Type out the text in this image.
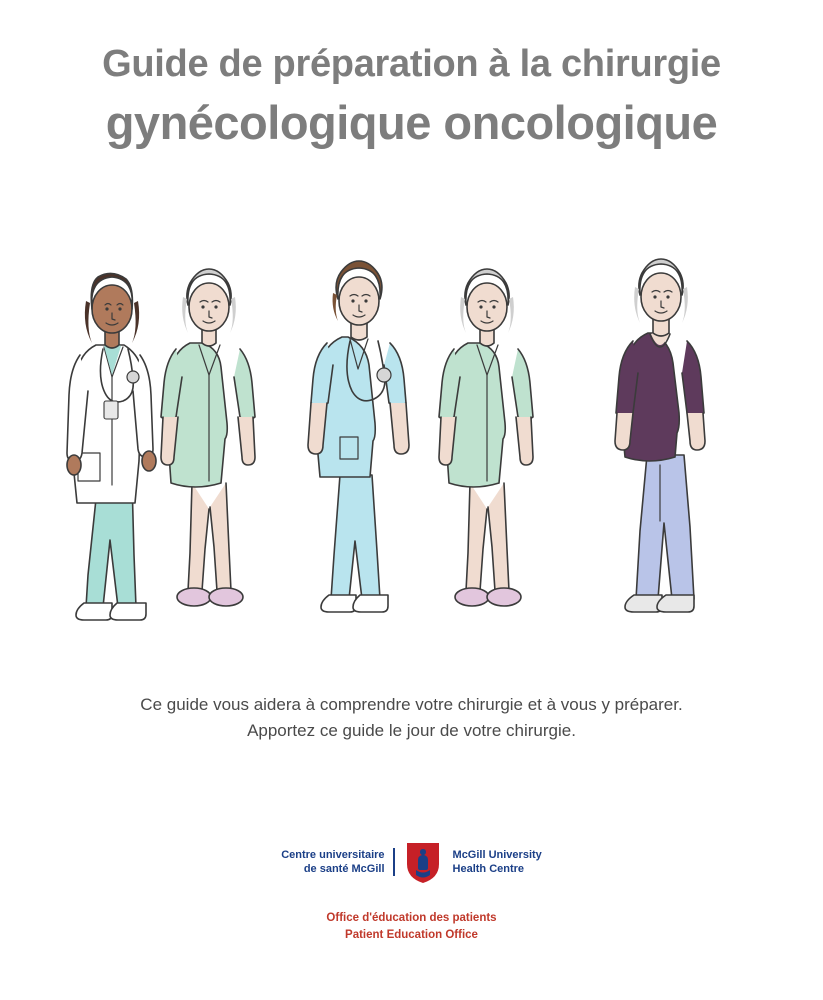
Guide de préparation à la chirurgie
gynécologique oncologique
Ce guide vous aidera à comprendre votre chirurgie et à vous y préparer.
Apportez ce guide le jour de votre chirurgie.
Centre universitaire
de santé McGill
McGill University
Health Centre
Office d'éducation des patients
Patient Education Office
